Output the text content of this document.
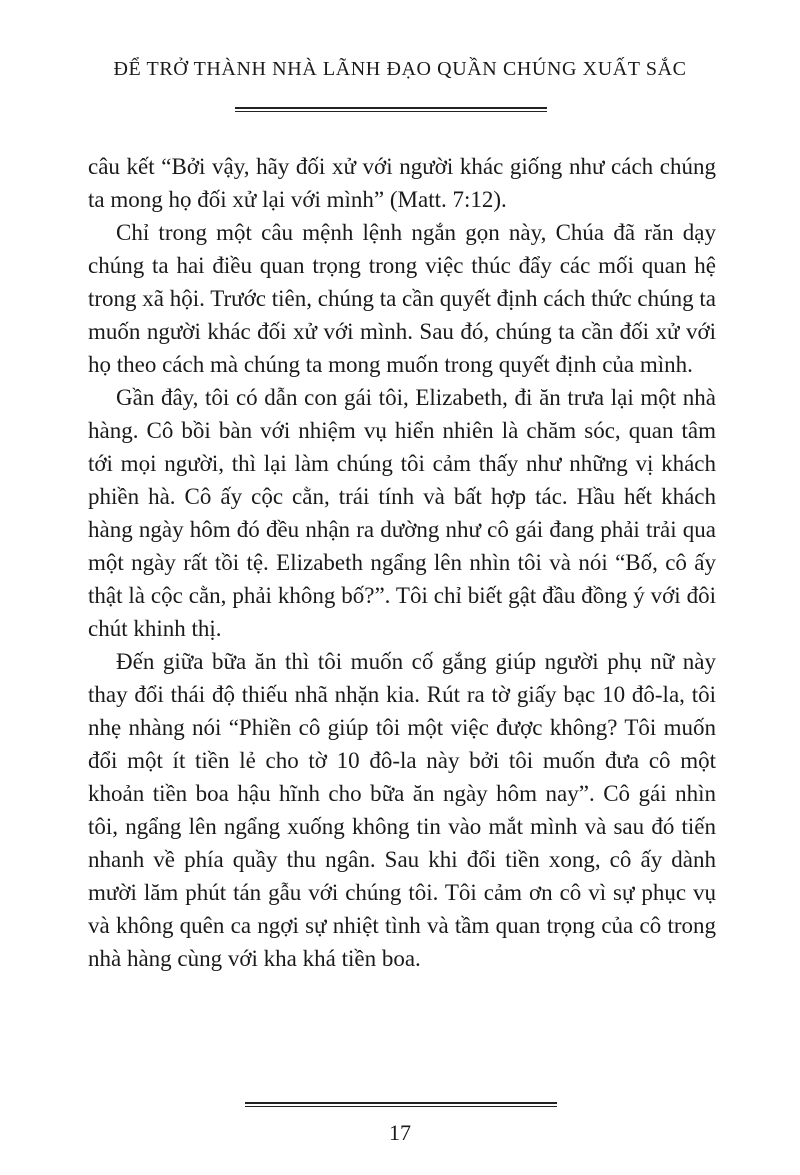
ĐỂ TRỞ THÀNH NHÀ LÃNH ĐẠO QUẦN CHÚNG XUẤT SẮC

câu kết “Bởi vậy, hãy đối xử với người khác giống như cách chúng ta mong họ đối xử lại với mình” (Matt. 7:12).

Chỉ trong một câu mệnh lệnh ngắn gọn này, Chúa đã răn dạy chúng ta hai điều quan trọng trong việc thúc đẩy các mối quan hệ trong xã hội. Trước tiên, chúng ta cần quyết định cách thức chúng ta muốn người khác đối xử với mình. Sau đó, chúng ta cần đối xử với họ theo cách mà chúng ta mong muốn trong quyết định của mình.

Gần đây, tôi có dẫn con gái tôi, Elizabeth, đi ăn trưa lại một nhà hàng. Cô bồi bàn với nhiệm vụ hiển nhiên là chăm sóc, quan tâm tới mọi người, thì lại làm chúng tôi cảm thấy như những vị khách phiền hà. Cô ấy cộc cằn, trái tính và bất hợp tác. Hầu hết khách hàng ngày hôm đó đều nhận ra dường như cô gái đang phải trải qua một ngày rất tồi tệ. Elizabeth ngẩng lên nhìn tôi và nói “Bố, cô ấy thật là cộc cằn, phải không bố?”. Tôi chỉ biết gật đầu đồng ý với đôi chút khinh thị.

Đến giữa bữa ăn thì tôi muốn cố gắng giúp người phụ nữ này thay đổi thái độ thiếu nhã nhặn kia. Rút ra tờ giấy bạc 10 đô-la, tôi nhẹ nhàng nói “Phiền cô giúp tôi một việc được không? Tôi muốn đổi một ít tiền lẻ cho tờ 10 đô-la này bởi tôi muốn đưa cô một khoản tiền boa hậu hĩnh cho bữa ăn ngày hôm nay”. Cô gái nhìn tôi, ngẩng lên ngẩng xuống không tin vào mắt mình và sau đó tiến nhanh về phía quầy thu ngân. Sau khi đổi tiền xong, cô ấy dành mười lăm phút tán gẫu với chúng tôi. Tôi cảm ơn cô vì sự phục vụ và không quên ca ngợi sự nhiệt tình và tầm quan trọng của cô trong nhà hàng cùng với kha khá tiền boa.

17
